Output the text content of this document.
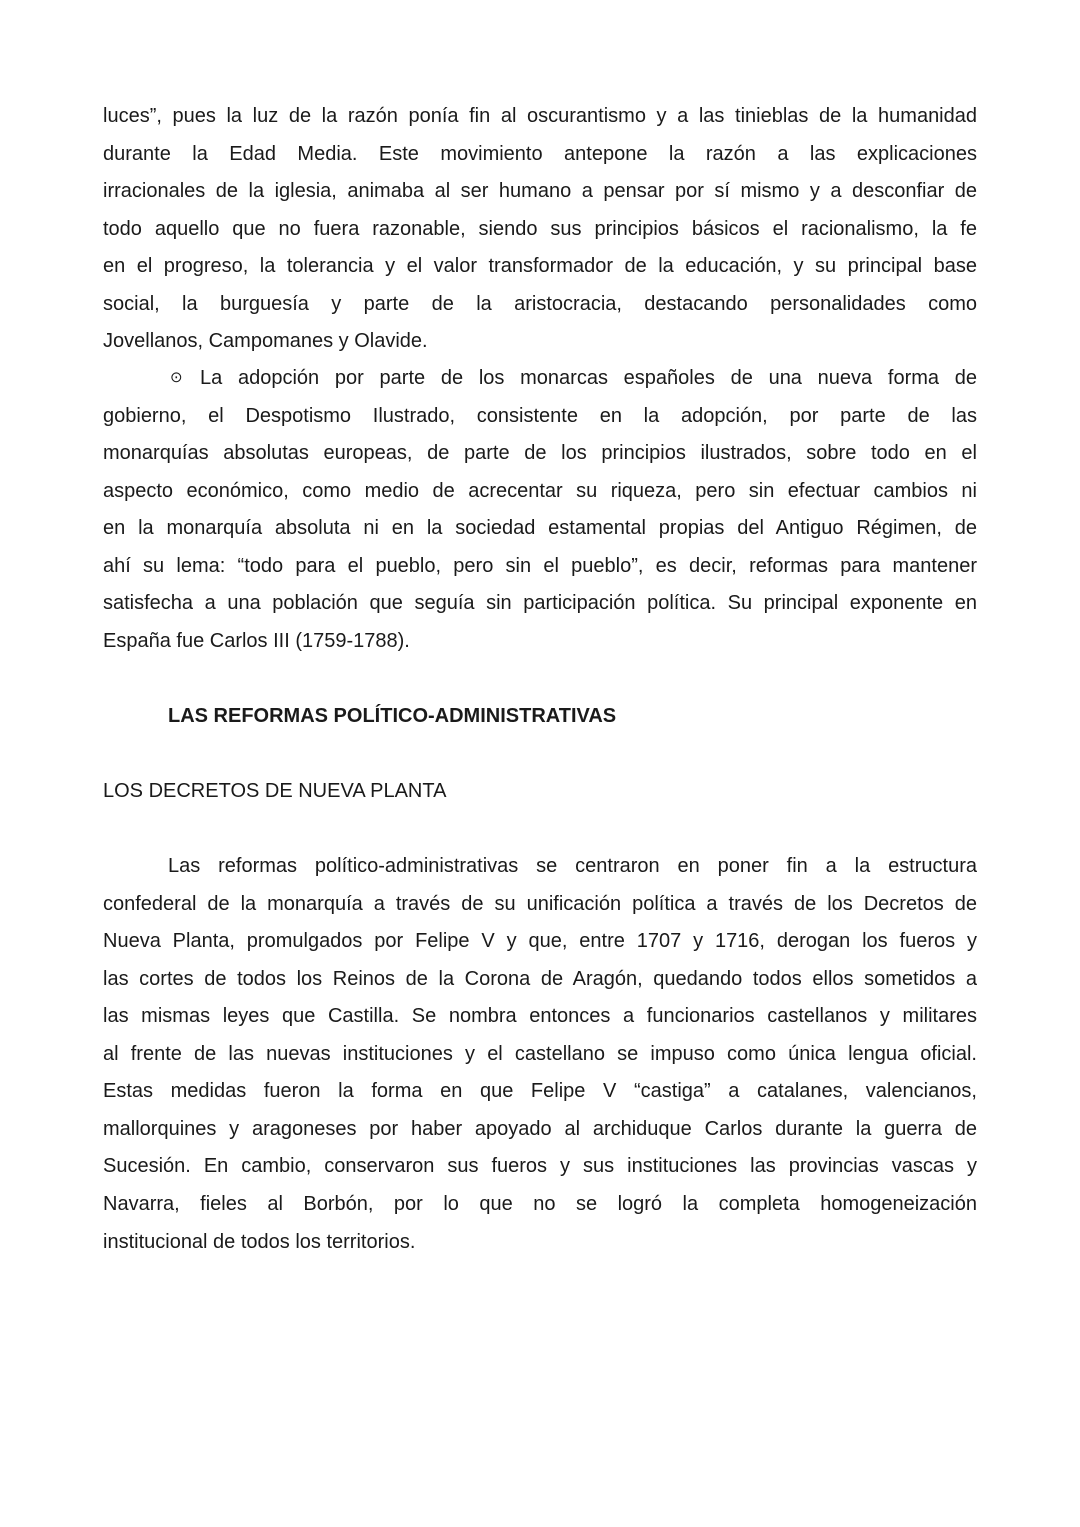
⊙
LAS REFORMAS POLÍTICO-ADMINISTRATIVAS
LOS DECRETOS DE NUEVA PLANTA
luces”, pues la luz de la razón ponía fin al oscurantismo y a las tinieblas de la humanidad
durante la Edad Media. Este movimiento antepone la razón a las explicaciones
irracionales de la iglesia, animaba al ser humano a pensar por sí mismo y a desconfiar de
todo aquello que no fuera razonable, siendo sus principios básicos el racionalismo, la fe
en el progreso, la tolerancia y el valor transformador de la educación, y su principal base
social, la burguesía y parte de la aristocracia, destacando personalidades como
Jovellanos, Campomanes y Olavide.
La adopción por parte de los monarcas españoles de una nueva forma de
gobierno, el Despotismo Ilustrado, consistente en la adopción, por parte de las
monarquías absolutas europeas, de parte de los principios ilustrados, sobre todo en el
aspecto económico, como medio de acrecentar su riqueza, pero sin efectuar cambios ni
en la monarquía absoluta ni en la sociedad estamental propias del Antiguo Régimen, de
ahí su lema: “todo para el pueblo, pero sin el pueblo”, es decir, reformas para mantener
satisfecha a una población que seguía sin participación política. Su principal exponente en
España fue Carlos III (1759-1788).
Las reformas político-administrativas se centraron en poner fin a la estructura
confederal de la monarquía a través de su unificación política a través de los Decretos de
Nueva Planta, promulgados por Felipe V y que, entre 1707 y 1716, derogan los fueros y
las cortes de todos los Reinos de la Corona de Aragón, quedando todos ellos sometidos a
las mismas leyes que Castilla. Se nombra entonces a funcionarios castellanos y militares
al frente de las nuevas instituciones y el castellano se impuso como única lengua oficial.
Estas medidas fueron la forma en que Felipe V “castiga” a catalanes, valencianos,
mallorquines y aragoneses por haber apoyado al archiduque Carlos durante la guerra de
Sucesión. En cambio, conservaron sus fueros y sus instituciones las provincias vascas y
Navarra, fieles al Borbón, por lo que no se logró la completa homogeneización
institucional de todos los territorios.
